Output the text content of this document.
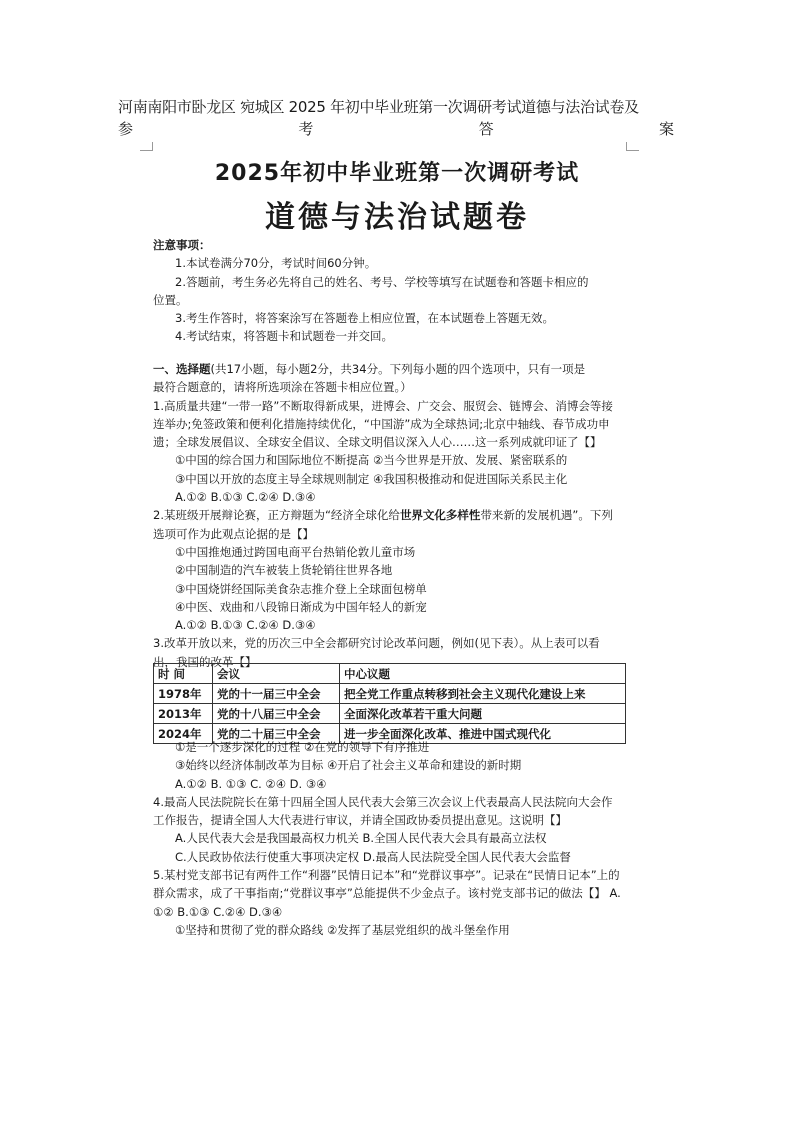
河南南阳市卧龙区 宛城区 2025 年初中毕业班第一次调研考试道德与法治试卷及
参	考	答	案
2025年初中毕业班第一次调研考试
道德与法治试题卷
注意事项：
1.本试卷满分70分，考试时间60分钟。
2.答题前，考生务必先将自己的姓名、考号、学校等填写在试题卷和答题卡相应的
位置。
3.考生作答时，将答案涂写在答题卷上相应位置，在本试题卷上答题无效。
4.考试结束，将答题卡和试题卷一并交回。
一、选择题(共17小题，每小题2分，共34分。下列每小题的四个选项中，只有一项是
最符合题意的，请将所选项涂在答题卡相应位置。）
1.高质量共建“一带一路”不断取得新成果，进博会、广交会、服贸会、链博会、消博会等接
连举办;免签政策和便利化措施持续优化，“中国游”成为全球热词;北京中轴线、春节成功申
遗；全球发展倡议、全球安全倡议、全球文明倡议深入人心……这一系列成就印证了【】
①中国的综合国力和国际地位不断提高 ②当今世界是开放、发展、紧密联系的
③中国以开放的态度主导全球规则制定 ④我国积极推动和促进国际关系民主化
A.①② B.①③ C.②④ D.③④
2.某班级开展辩论赛，正方辩题为“经济全球化给世界文化多样性带来新的发展机遇”。下列
选项可作为此观点论据的是【】
①中国推炮通过跨国电商平台热销伦敦儿童市场
②中国制造的汽车被装上货轮销往世界各地
③中国烧饼经国际美食杂志推介登上全球面包榜单
④中医、戏曲和八段锦日渐成为中国年轻人的新宠
A.①② B.①③ C.②④ D.③④
3.改革开放以来，党的历次三中全会都研究讨论改革问题，例如(见下表）。从上表可以看
出，我国的改革【】
时 间	会议	中心议题
1978年	党的十一届三中全会	把全党工作重点转移到社会主义现代化建设上来
2013年	党的十八届三中全会	全面深化改革若干重大问题
2024年	党的二十届三中全会	进一步全面深化改革、推进中国式现代化
①是一个逐步深化的过程 ②在党的领导下有序推进
③始终以经济体制改革为目标 ④开启了社会主义革命和建设的新时期
A.①② B. ①③ C. ②④ D. ③④
4.最高人民法院院长在第十四届全国人民代表大会第三次会议上代表最高人民法院向大会作
工作报告，提请全国人大代表进行审议，并请全国政协委员提出意见。这说明【】
A.人民代表大会是我国最高权力机关 B.全国人民代表大会具有最高立法权
C.人民政协依法行使重大事项决定权 D.最高人民法院受全国人民代表大会监督
5.某村党支部书记有两件工作“利器”民情日记本”和“党群议事亭”。记录在“民情日记本”上的
群众需求，成了干事指南;“党群议事亭”总能提供不少金点子。该村党支部书记的做法【】 A.
①② B.①③ C.②④ D.③④
①坚持和贯彻了党的群众路线 ②发挥了基层党组织的战斗堡垒作用
